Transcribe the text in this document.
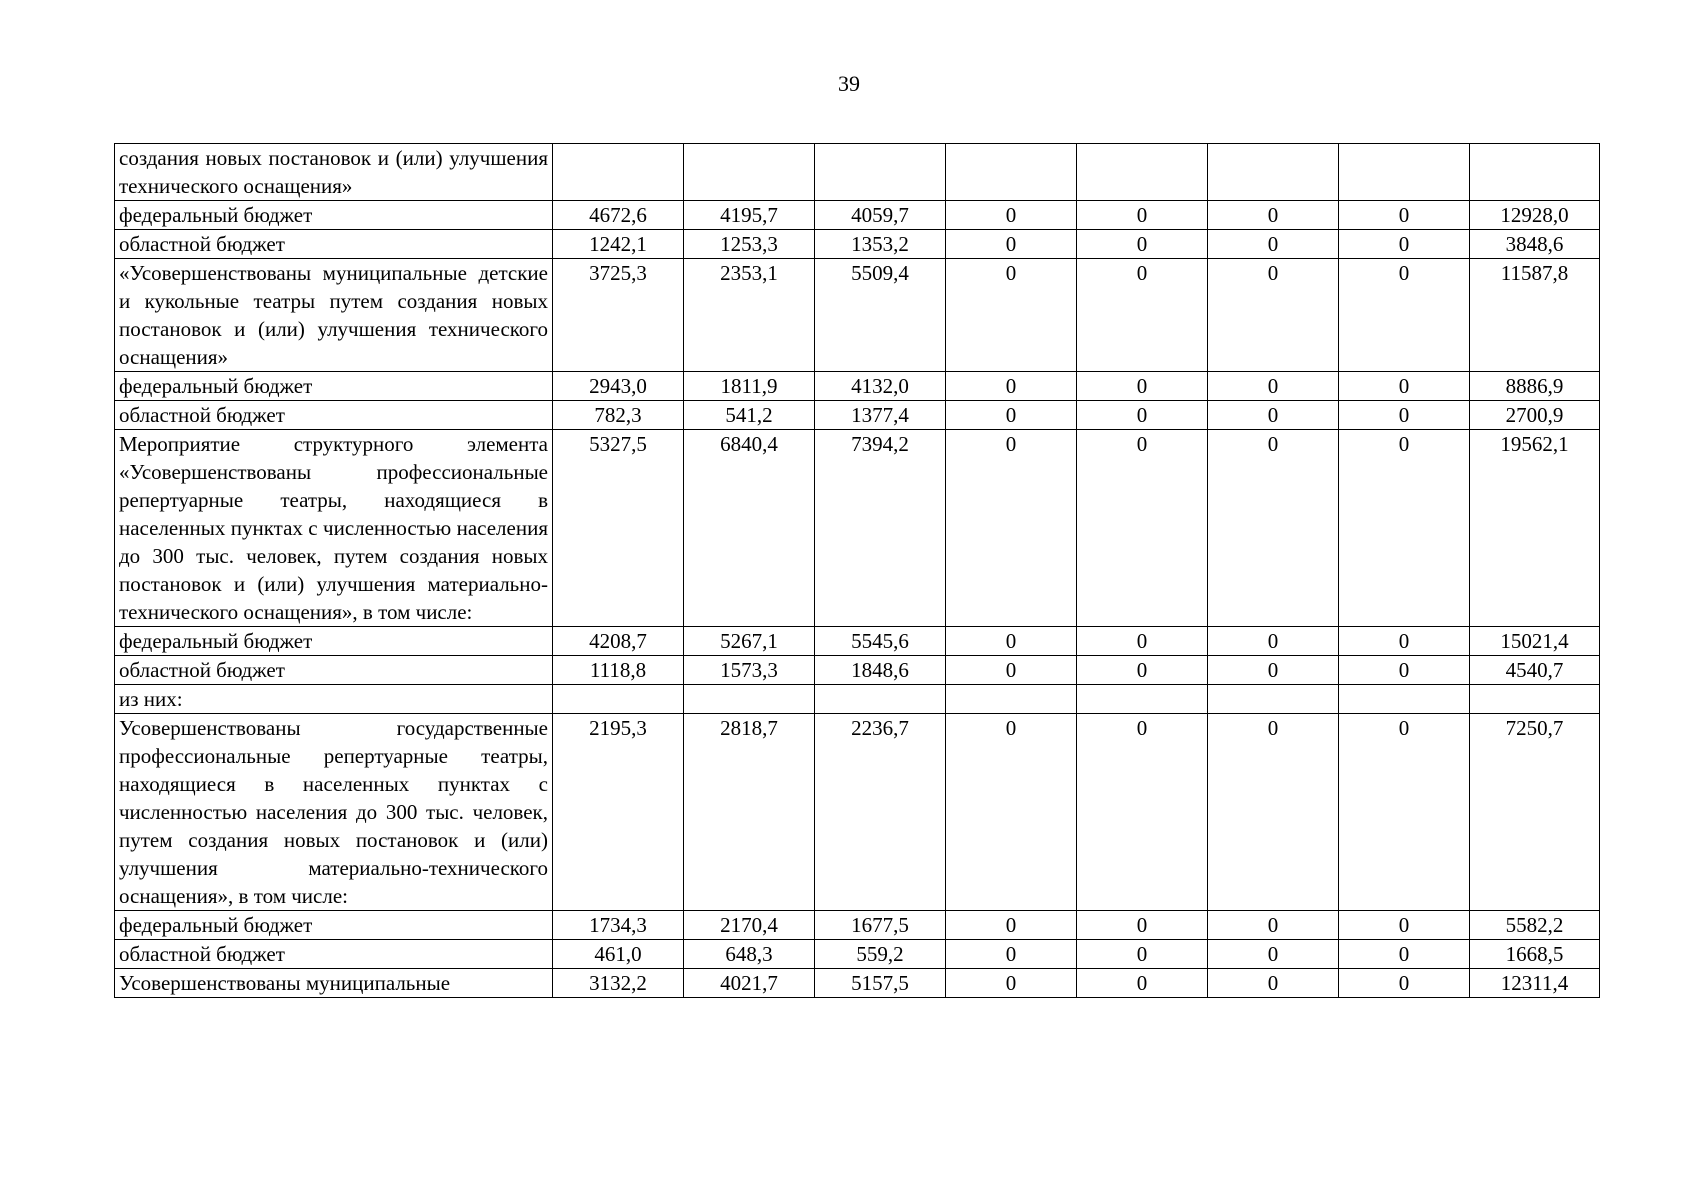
39
создания новых постановок и (или) улучшения технического оснащения»								
федеральный бюджет	4672,6	4195,7	4059,7	0	0	0	0	12928,0
областной бюджет	1242,1	1253,3	1353,2	0	0	0	0	3848,6
«Усовершенствованы муниципальные детские и кукольные театры путем создания новых постановок и (или) улучшения технического оснащения»	3725,3	2353,1	5509,4	0	0	0	0	11587,8
федеральный бюджет	2943,0	1811,9	4132,0	0	0	0	0	8886,9
областной бюджет	782,3	541,2	1377,4	0	0	0	0	2700,9
Мероприятие структурного элемента «Усовершенствованы профессиональные репертуарные театры, находящиеся в населенных пунктах с численностью населения до 300 тыс. человек, путем создания новых постановок и (или) улучшения материально-технического оснащения», в том числе:	5327,5	6840,4	7394,2	0	0	0	0	19562,1
федеральный бюджет	4208,7	5267,1	5545,6	0	0	0	0	15021,4
областной бюджет	1118,8	1573,3	1848,6	0	0	0	0	4540,7
из них:								
Усовершенствованы государственные профессиональные репертуарные театры, находящиеся в населенных пунктах с численностью населения до 300 тыс. человек, путем создания новых постановок и (или) улучшения материально-технического оснащения», в том числе:	2195,3	2818,7	2236,7	0	0	0	0	7250,7
федеральный бюджет	1734,3	2170,4	1677,5	0	0	0	0	5582,2
областной бюджет	461,0	648,3	559,2	0	0	0	0	1668,5
Усовершенствованы муниципальные	3132,2	4021,7	5157,5	0	0	0	0	12311,4
